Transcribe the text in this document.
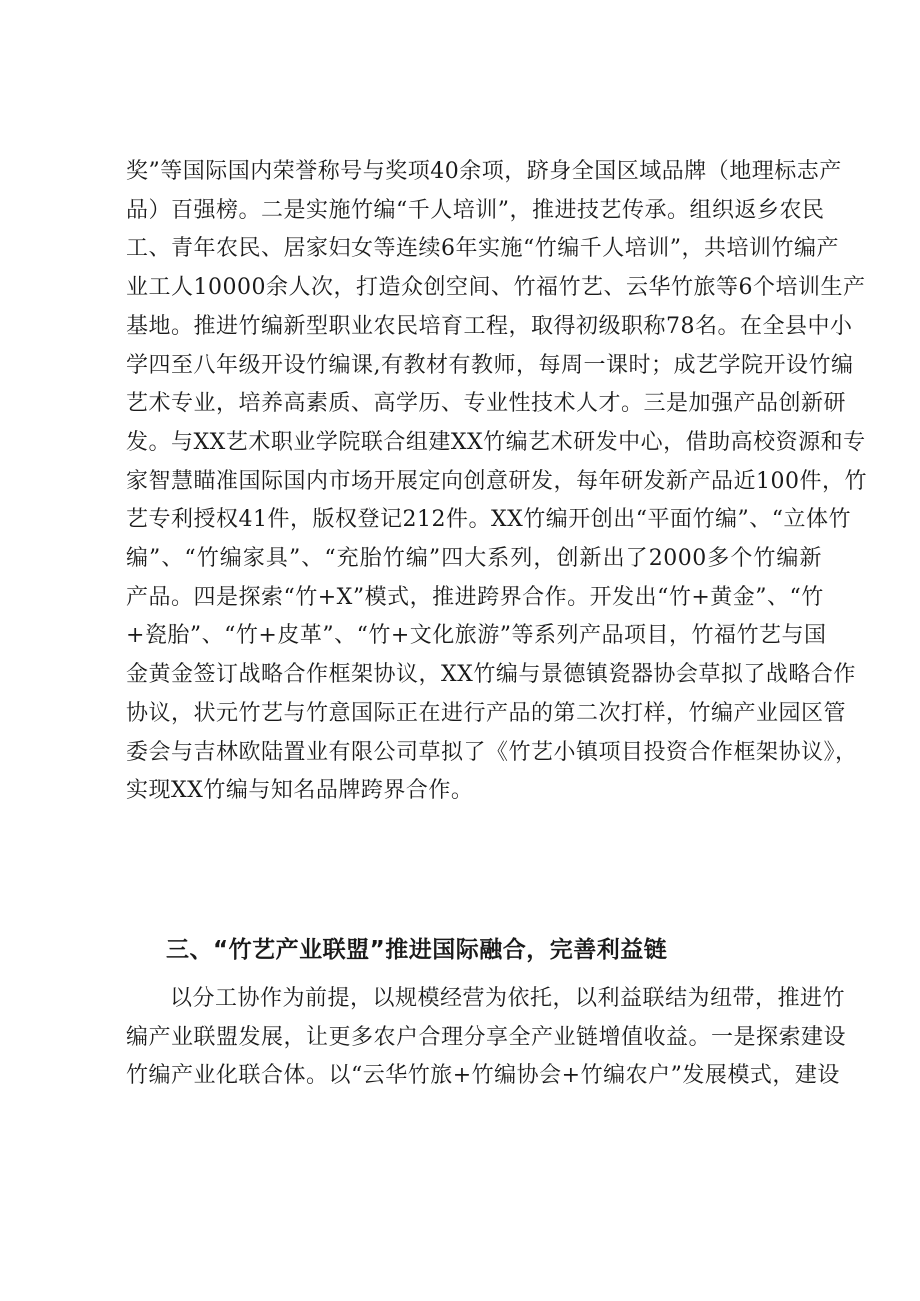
奖”等国际国内荣誉称号与奖项40余项，跻身全国区域品牌（地理标志产
品）百强榜。二是实施竹编“千人培训”，推进技艺传承。组织返乡农民
工、青年农民、居家妇女等连续6年实施“竹编千人培训”，共培训竹编产
业工人10000余人次，打造众创空间、竹福竹艺、云华竹旅等6个培训生产
基地。推进竹编新型职业农民培育工程，取得初级职称78名。在全县中小
学四至八年级开设竹编课,有教材有教师，每周一课时；成艺学院开设竹编
艺术专业，培养高素质、高学历、专业性技术人才。三是加强产品创新研
发。与XX艺术职业学院联合组建XX竹编艺术研发中心，借助高校资源和专
家智慧瞄准国际国内市场开展定向创意研发，每年研发新产品近100件，竹
艺专利授权41件，版权登记212件。XX竹编开创出“平面竹编”、“立体竹
编”、“竹编家具”、“充胎竹编”四大系列，创新出了2000多个竹编新
产品。四是探索“竹+X”模式，推进跨界合作。开发出“竹+黄金”、“竹
+瓷胎”、“竹+皮革”、“竹+文化旅游”等系列产品项目，竹福竹艺与国
金黄金签订战略合作框架协议，XX竹编与景德镇瓷器协会草拟了战略合作
协议，状元竹艺与竹意国际正在进行产品的第二次打样，竹编产业园区管
委会与吉林欧陆置业有限公司草拟了《竹艺小镇项目投资合作框架协议》，
实现XX竹编与知名品牌跨界合作。
三、“竹艺产业联盟”推进国际融合，完善利益链
以分工协作为前提，以规模经营为依托，以利益联结为纽带，推进竹
编产业联盟发展，让更多农户合理分享全产业链增值收益。一是探索建设
竹编产业化联合体。以“云华竹旅+竹编协会+竹编农户”发展模式，建设
